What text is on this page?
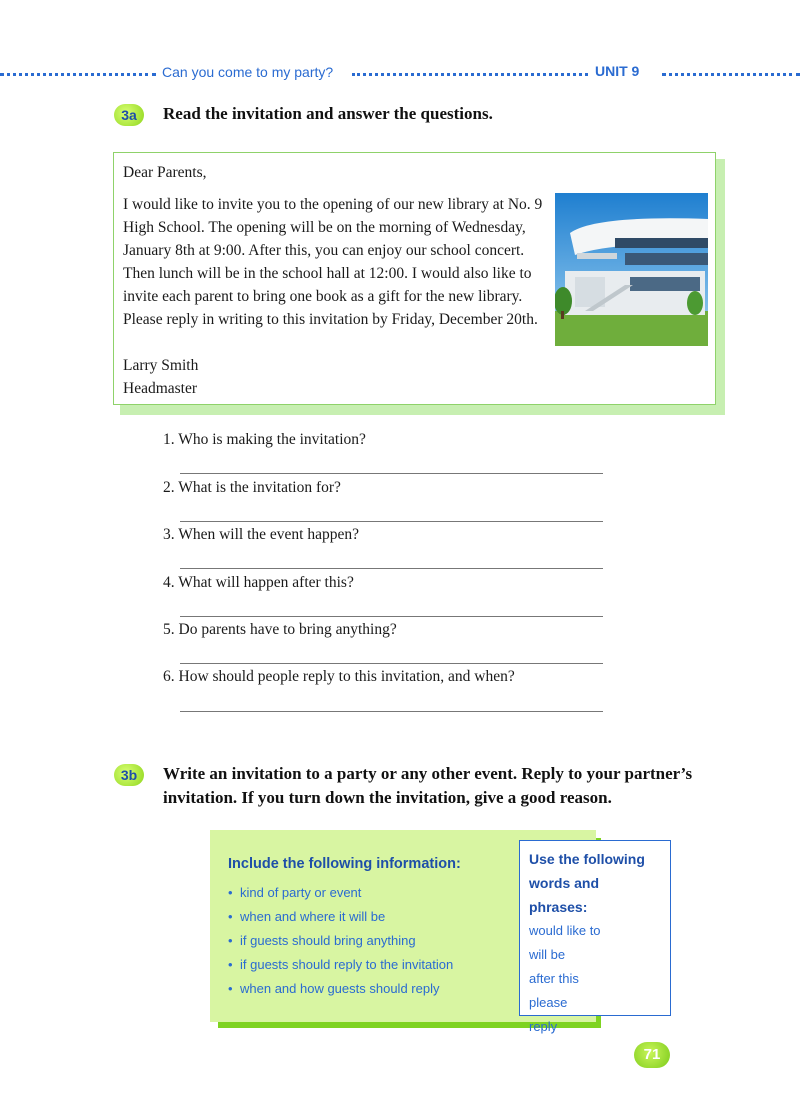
Can you come to my party?	UNIT 9
3a	Read the invitation and answer the questions.

Dear Parents,

I would like to invite you to the opening of our new library at No. 9 High School. The opening will be on the morning of Wednesday, January 8th at 9:00. After this, you can enjoy our school concert. Then lunch will be in the school hall at 12:00. I would also like to invite each parent to bring one book as a gift for the new library. Please reply in writing to this invitation by Friday, December 20th.

Larry Smith

Headmaster

1. Who is making the invitation?
2. What is the invitation for?
3. When will the event happen?
4. What will happen after this?
5. Do parents have to bring anything?
6. How should people reply to this invitation, and when?
3b	Write an invitation to a party or any other event. Reply to your partner’s
invitation. If you turn down the invitation, give a good reason.
Include the following information:
• kind of party or event
• when and where it will be
• if guests should bring anything
• if guests should reply to the invitation
• when and how guests should reply
Use the following
words and phrases:
would like to
will be
after this
please
reply
71
